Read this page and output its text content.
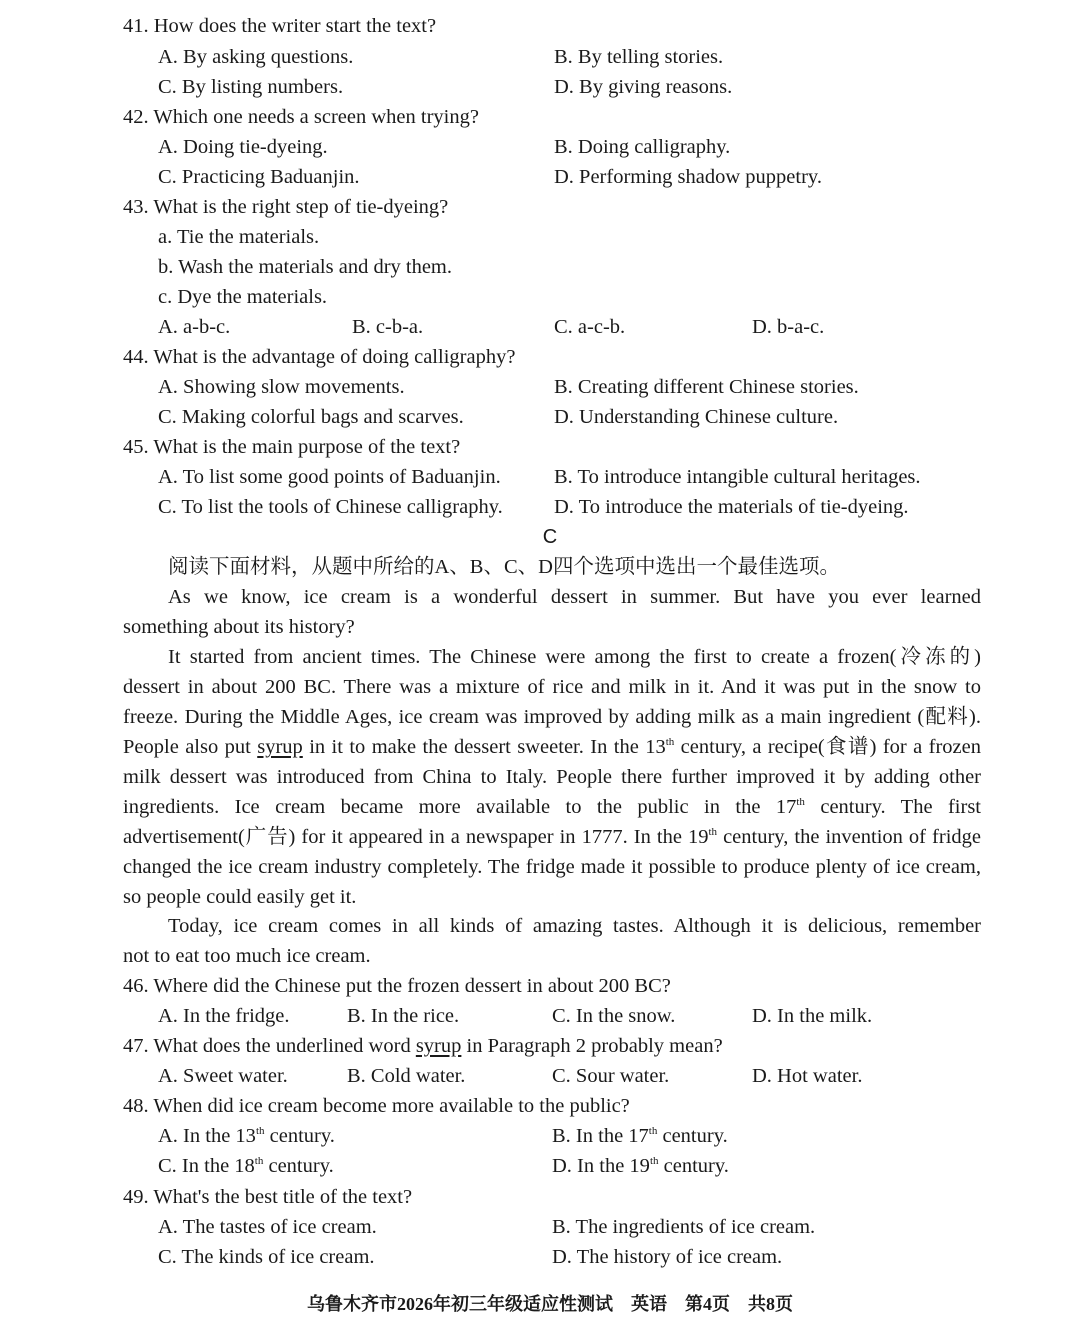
41. How does the writer start the text?
A. By asking questions.	B. By telling stories.
C. By listing numbers.	D. By giving reasons.
42. Which one needs a screen when trying?
A. Doing tie-dyeing.	B. Doing calligraphy.
C. Practicing Baduanjin.	D. Performing shadow puppetry.
43. What is the right step of tie-dyeing?
a. Tie the materials.
b. Wash the materials and dry them.
c. Dye the materials.
A. a-b-c.	B. c-b-a.	C. a-c-b.	D. b-a-c.
44. What is the advantage of doing calligraphy?
A. Showing slow movements.	B. Creating different Chinese stories.
C. Making colorful bags and scarves.	D. Understanding Chinese culture.
45. What is the main purpose of the text?
A. To list some good points of Baduanjin.	B. To introduce intangible cultural heritages.
C. To list the tools of Chinese calligraphy.	D. To introduce the materials of tie-dyeing.
C
阅读下面材料，从题中所给的A、B、C、D四个选项中选出一个最佳选项。
As we know, ice cream is a wonderful dessert in summer. But have you ever learned
something about its history?
It started from ancient times. The Chinese were among the first to create a frozen(冷冻的)
dessert in about 200 BC. There was a mixture of rice and milk in it. And it was put in the snow to freeze. During the Middle Ages, ice cream was improved by adding milk as a main ingredient (配料). People also put syrup in it to make the dessert sweeter. In the 13th century, a recipe(食谱) for a frozen milk dessert was introduced from China to Italy. People there further improved it by adding other ingredients. Ice cream became more available to the public in the 17th century. The first advertisement(广告) for it appeared in a newspaper in 1777. In the 19th century, the invention of fridge changed the ice cream industry completely. The fridge made it possible to produce plenty of ice cream, so people could easily get it.
Today, ice cream comes in all kinds of amazing tastes. Although it is delicious, remember
not to eat too much ice cream.
46. Where did the Chinese put the frozen dessert in about 200 BC?
A. In the fridge.	B. In the rice.	C. In the snow.	D. In the milk.
47. What does the underlined word syrup in Paragraph 2 probably mean?
A. Sweet water.	B. Cold water.	C. Sour water.	D. Hot water.
48. When did ice cream become more available to the public?
A. In the 13th century.	B. In the 17th century.
C. In the 18th century.	D. In the 19th century.
49. What's the best title of the text?
A. The tastes of ice cream.	B. The ingredients of ice cream.
C. The kinds of ice cream.	D. The history of ice cream.
乌鲁木齐市2026年初三年级适应性测试　英语　第4页　共8页
